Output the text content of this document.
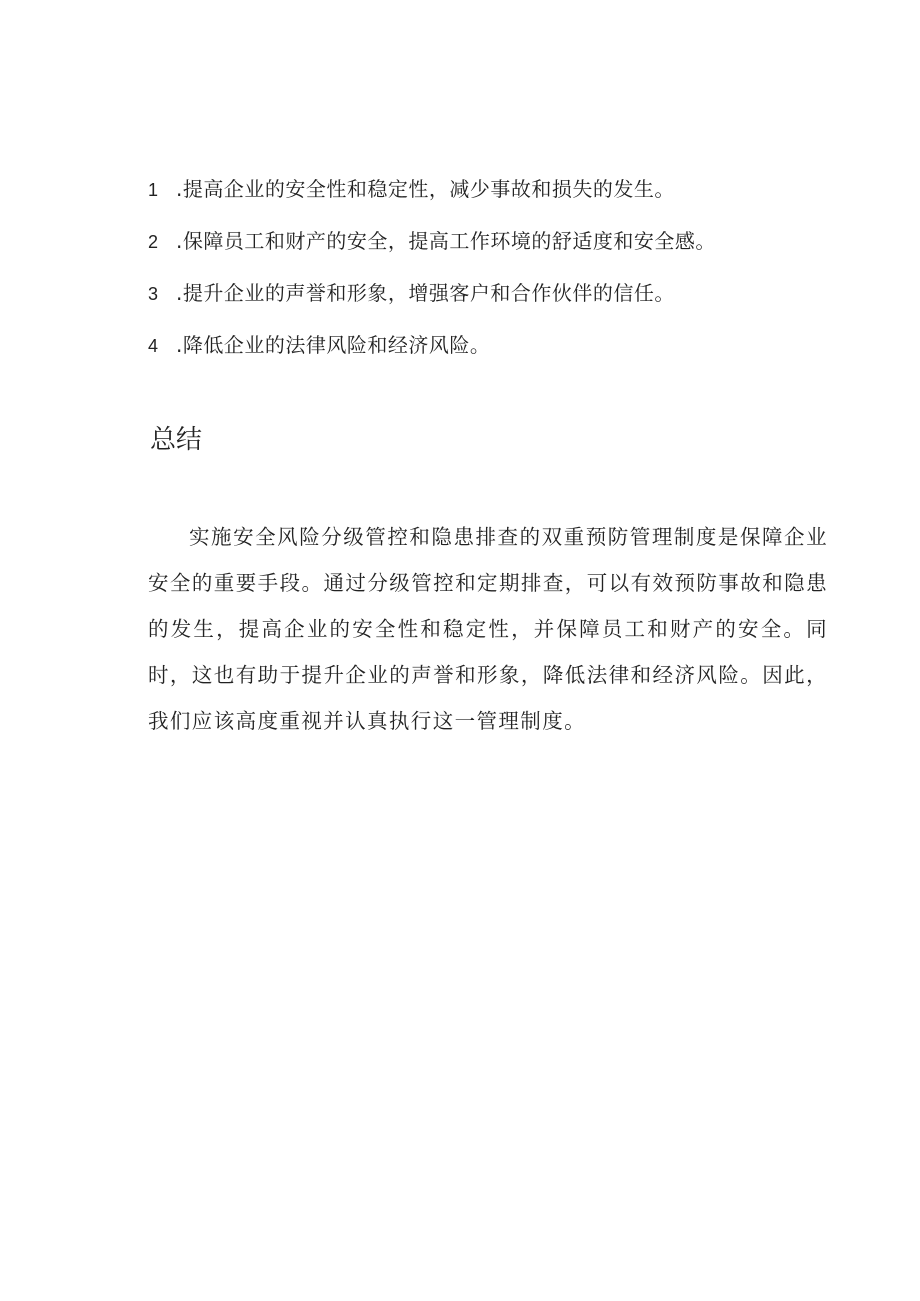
1 .提高企业的安全性和稳定性，减少事故和损失的发生。
2 .保障员工和财产的安全，提高工作环境的舒适度和安全感。
3 .提升企业的声誉和形象，增强客户和合作伙伴的信任。
4 .降低企业的法律风险和经济风险。
总结

实施安全风险分级管控和隐患排查的双重预防管理制度是保障企业安全的重要手段。通过分级管控和定期排查，可以有效预防事故和隐患的发生，提高企业的安全性和稳定性，并保障员工和财产的安全。同时，这也有助于提升企业的声誉和形象，降低法律和经济风险。因此，我们应该高度重视并认真执行这一管理制度。
